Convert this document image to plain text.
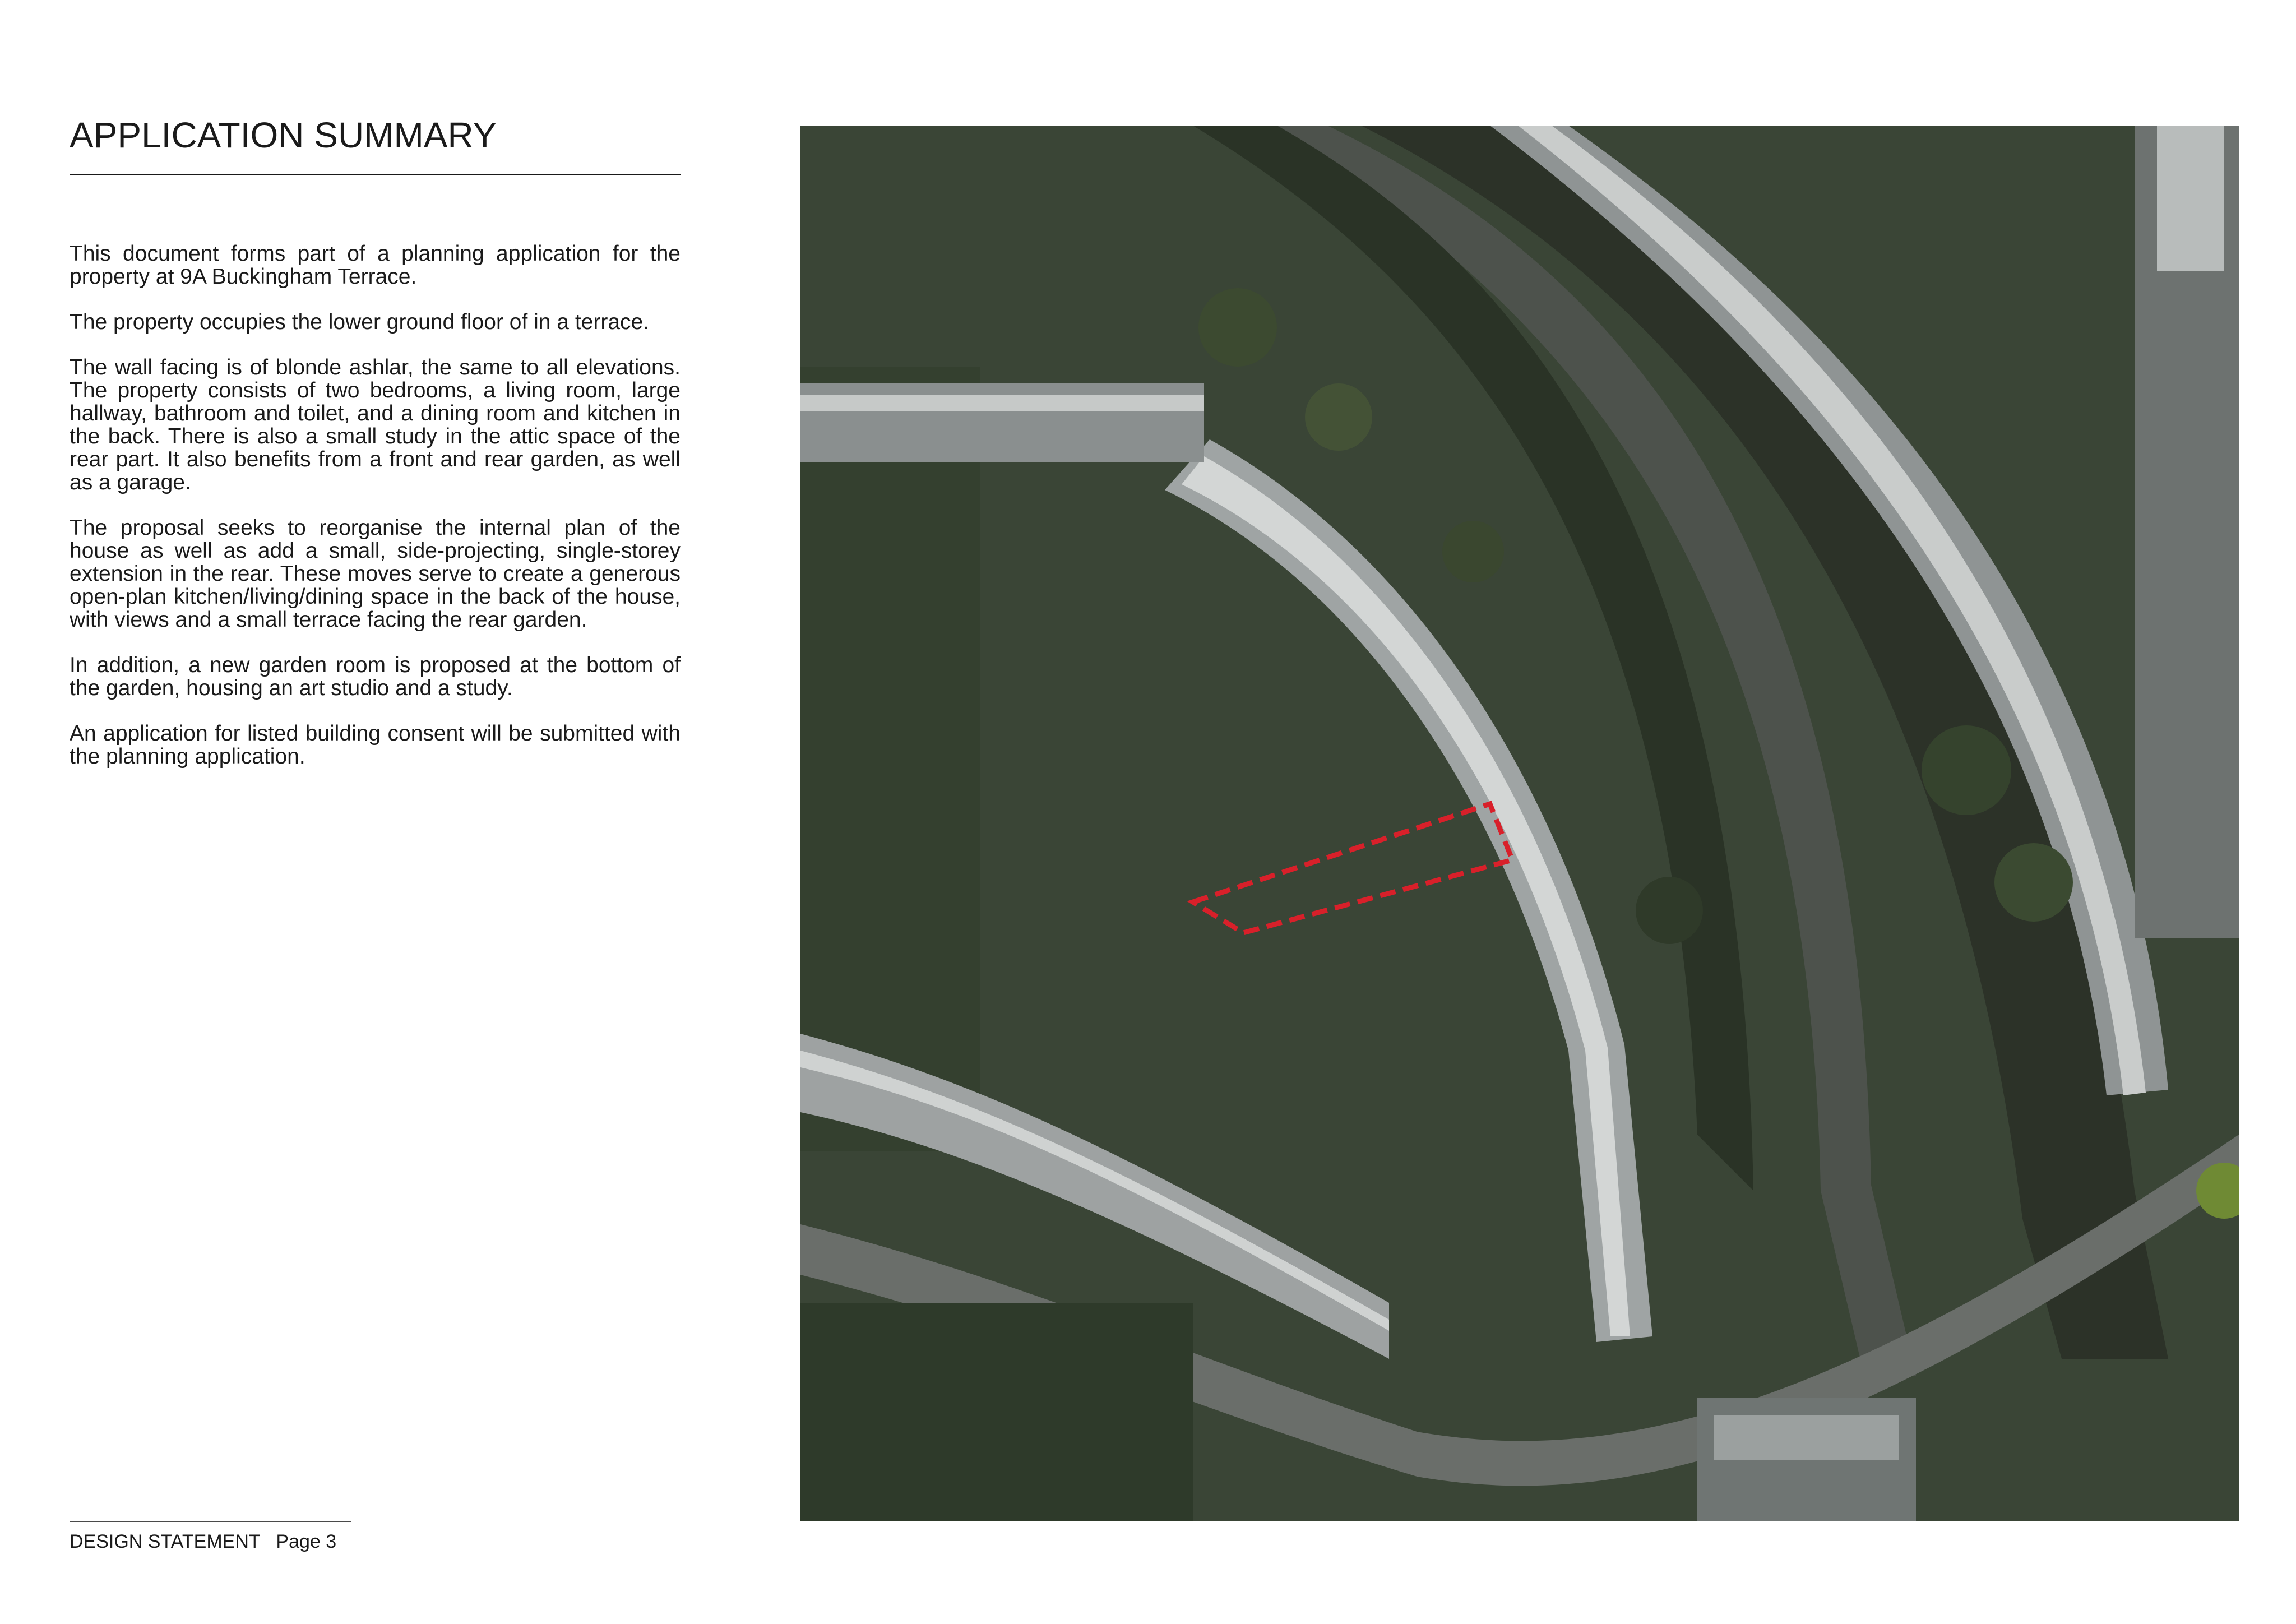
APPLICATION SUMMARY

This document forms part of a planning application for the property at 9A Buckingham Terrace.

The property occupies the lower ground floor of in a terrace.

The wall facing is of blonde ashlar, the same to all elevations. The property consists of two bedrooms, a living room, large hallway, bathroom and toilet, and a dining room and kitchen in the back. There is also a small study in the attic space of the rear part. It also benefits from a front and rear garden, as well as a garage.

The proposal seeks to reorganise the internal plan of the house as well as add a small, side-projecting, single-storey extension in the rear. These moves serve to create a generous open-plan kitchen/living/dining space in the back of the house, with views and a small terrace facing the rear garden.

In addition, a new garden room is proposed at the bottom of the garden, housing an art studio and a study.

An application for listed building consent will be submitted with the planning application.

DESIGN STATEMENT Page 3
